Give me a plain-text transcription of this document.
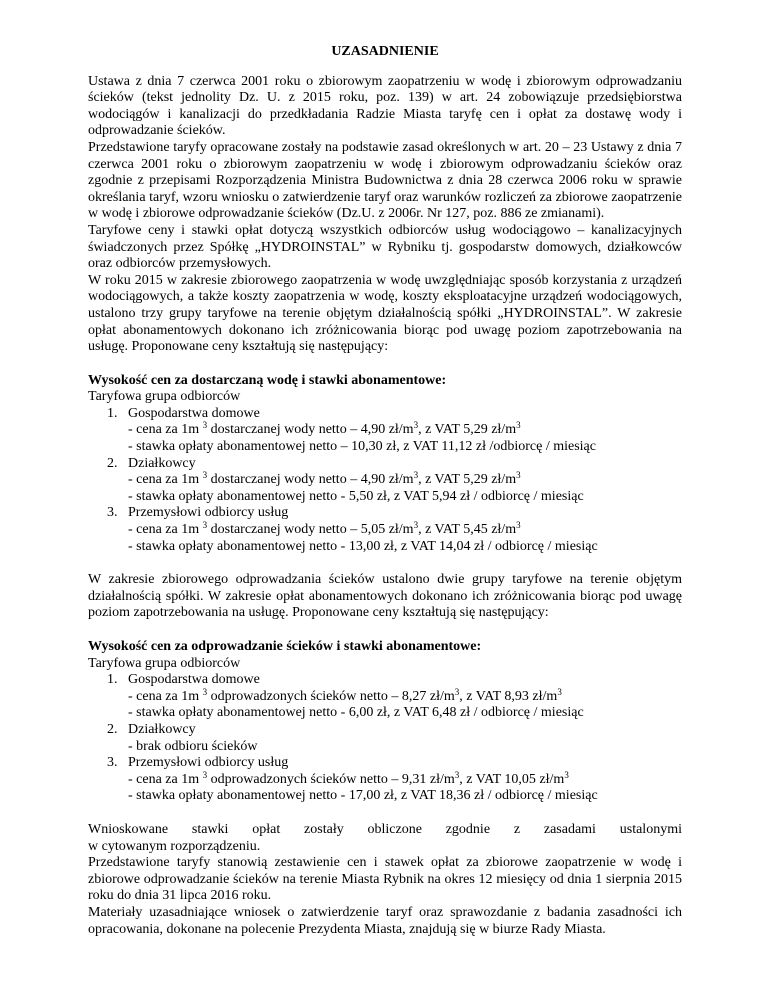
UZASADNIENIE

Ustawa z dnia 7 czerwca 2001 roku o zbiorowym zaopatrzeniu w wodę i zbiorowym odprowadzaniu ścieków (tekst jednolity Dz. U. z 2015 roku, poz. 139) w art. 24 zobowiązuje przedsiębiorstwa wodociągów i kanalizacji do przedkładania Radzie Miasta taryfę cen i opłat za dostawę wody i odprowadzanie ścieków.

Przedstawione taryfy opracowane zostały na podstawie zasad określonych w art. 20 – 23 Ustawy z dnia 7 czerwca 2001 roku o zbiorowym zaopatrzeniu w wodę i zbiorowym odprowadzaniu ścieków oraz zgodnie z przepisami Rozporządzenia Ministra Budownictwa z dnia 28 czerwca 2006 roku w sprawie określania taryf, wzoru wniosku o zatwierdzenie taryf oraz warunków rozliczeń za zbiorowe zaopatrzenie w wodę i zbiorowe odprowadzanie ścieków (Dz.U. z 2006r. Nr 127, poz. 886 ze zmianami).

Taryfowe ceny i stawki opłat dotyczą wszystkich odbiorców usług wodociągowo – kanalizacyjnych świadczonych przez Spółkę „HYDROINSTAL” w Rybniku tj. gospodarstw domowych, działkowców oraz odbiorców przemysłowych.

W roku 2015 w zakresie zbiorowego zaopatrzenia w wodę uwzględniając sposób korzystania z urządzeń wodociągowych, a także koszty zaopatrzenia w wodę, koszty eksploatacyjne urządzeń wodociągowych, ustalono trzy grupy taryfowe na terenie objętym działalnością spółki „HYDROINSTAL”. W zakresie opłat abonamentowych dokonano ich zróżnicowania biorąc pod uwagę poziom zapotrzebowania na usługę. Proponowane ceny kształtują się następujący:

Wysokość cen za dostarczaną wodę i stawki abonamentowe:
Taryfowa grupa odbiorców
1. Gospodarstwa domowe
- cena za 1m $^3$ dostarczanej wody netto – 4,90 $zł/m^3$, z VAT 5,29 $zł/m^3$
- stawka opłaty abonamentowej netto – 10,30 zł, z VAT 11,12 zł /odbiorcę / miesiąc
2. Działkowcy
- cena za 1m $^3$ dostarczanej wody netto – 4,90 $zł/m^3$, z VAT 5,29 $zł/m^3$
- stawka opłaty abonamentowej netto - 5,50 zł, z VAT 5,94 zł / odbiorcę / miesiąc
3. Przemysłowi odbiorcy usług
- cena za 1m $^3$ dostarczanej wody netto – 5,05 $zł/m^3$, z VAT 5,45 $zł/m^3$
- stawka opłaty abonamentowej netto - 13,00 zł, z VAT 14,04 zł / odbiorcę / miesiąc

W zakresie zbiorowego odprowadzania ścieków ustalono dwie grupy taryfowe na terenie objętym działalnością spółki. W zakresie opłat abonamentowych dokonano ich zróżnicowania biorąc pod uwagę poziom zapotrzebowania na usługę. Proponowane ceny kształtują się następujący:

Wysokość cen za odprowadzanie ścieków i stawki abonamentowe:
Taryfowa grupa odbiorców
1. Gospodarstwa domowe
- cena za 1m $^3$ odprowadzonych ścieków netto – 8,27 $zł/m^3$, z VAT 8,93 $zł/m^3$
- stawka opłaty abonamentowej netto - 6,00 zł, z VAT 6,48 zł / odbiorcę / miesiąc
2. Działkowcy
- brak odbioru ścieków
3. Przemysłowi odbiorcy usług
- cena za 1m $^3$ odprowadzonych ścieków netto – 9,31 $zł/m^3$, z VAT 10,05 $zł/m^3$
- stawka opłaty abonamentowej netto - 17,00 zł, z VAT 18,36 zł / odbiorcę / miesiąc
Wnioskowane stawki opłat zostały obliczone zgodnie z zasadami ustalonymi

w cytowanym rozporządzeniu.

Przedstawione taryfy stanowią zestawienie cen i stawek opłat za zbiorowe zaopatrzenie w wodę i zbiorowe odprowadzanie ścieków na terenie Miasta Rybnik na okres 12 miesięcy od dnia 1 sierpnia 2015 roku do dnia 31 lipca 2016 roku.

Materiały uzasadniające wniosek o zatwierdzenie taryf oraz sprawozdanie z badania zasadności ich opracowania, dokonane na polecenie Prezydenta Miasta, znajdują się w biurze Rady Miasta.
